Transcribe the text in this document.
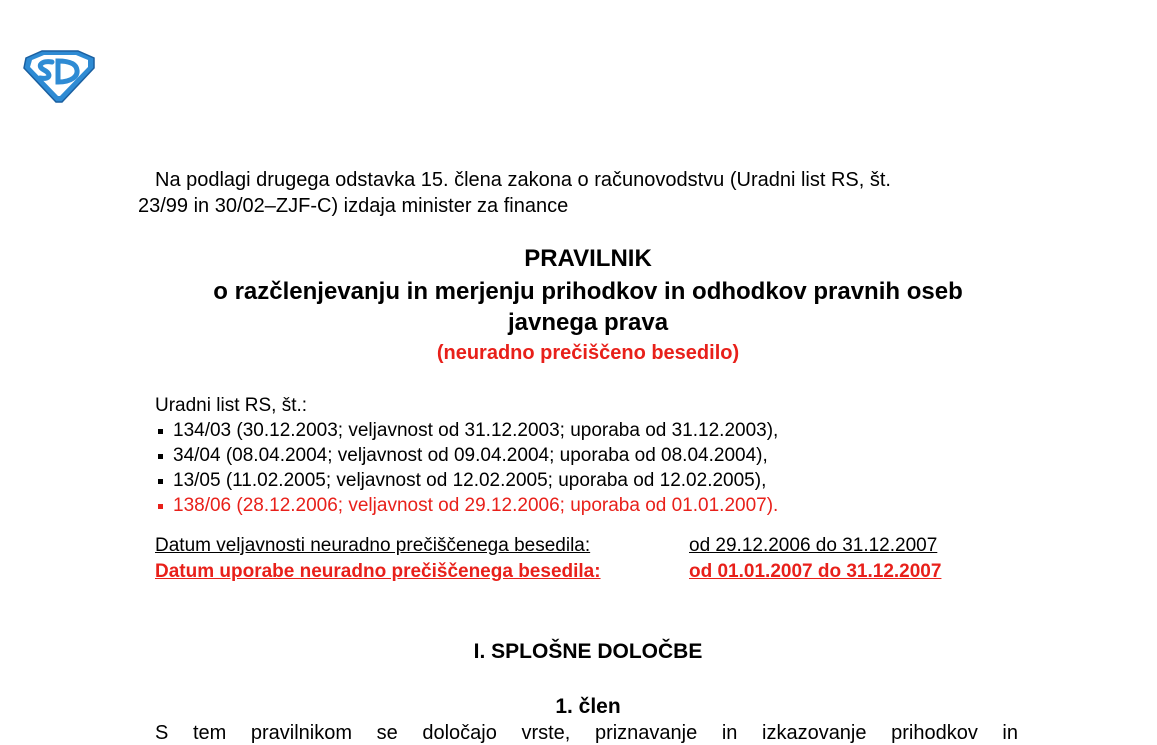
Na podlagi drugega odstavka 15. člena zakona o računovodstvu (Uradni list RS, št.
23/99 in 30/02–ZJF-C) izdaja minister za finance
PRAVILNIK
o razčlenjevanju in merjenju prihodkov in odhodkov pravnih oseb
javnega prava
(neuradno prečiščeno besedilo)
Uradni list RS, št.:
134/03 (30.12.2003; veljavnost od 31.12.2003; uporaba od 31.12.2003),
34/04 (08.04.2004; veljavnost od 09.04.2004; uporaba od 08.04.2004),
13/05 (11.02.2005; veljavnost od 12.02.2005; uporaba od 12.02.2005),
138/06 (28.12.2006; veljavnost od 29.12.2006; uporaba od 01.01.2007).
Datum veljavnosti neuradno prečiščenega besedila:	od 29.12.2006 do 31.12.2007
Datum uporabe neuradno prečiščenega besedila:	od 01.01.2007 do 31.12.2007
I. SPLOŠNE DOLOČBE
1. člen
S tem pravilnikom se določajo vrste, priznavanje in izkazovanje prihodkov in
